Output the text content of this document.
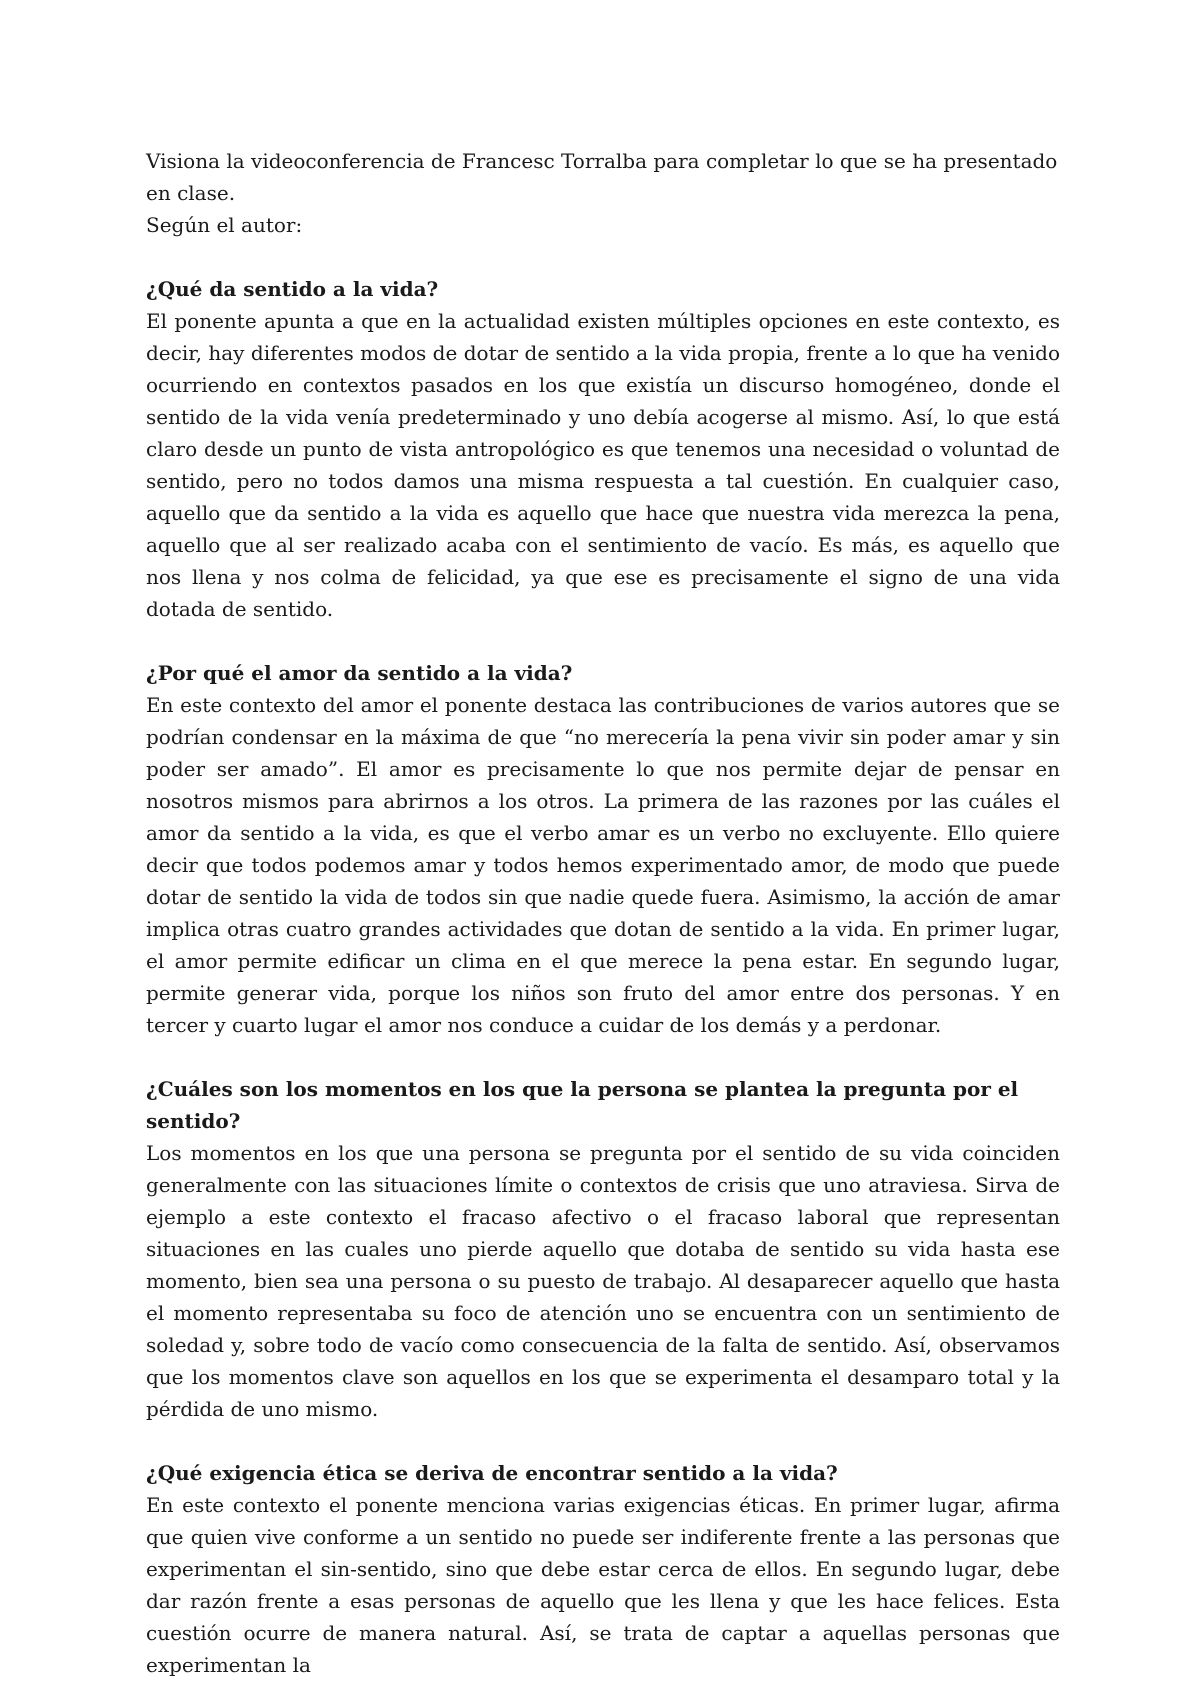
Visiona la videoconferencia de Francesc Torralba para completar lo que se ha presentado en clase.

Según el autor:

¿Qué da sentido a la vida?

El ponente apunta a que en la actualidad existen múltiples opciones en este contexto, es decir, hay diferentes modos de dotar de sentido a la vida propia, frente a lo que ha venido ocurriendo en contextos pasados en los que existía un discurso homogéneo, donde el sentido de la vida venía predeterminado y uno debía acogerse al mismo. Así, lo que está claro desde un punto de vista antropológico es que tenemos una necesidad o voluntad de sentido, pero no todos damos una misma respuesta a tal cuestión. En cualquier caso, aquello que da sentido a la vida es aquello que hace que nuestra vida merezca la pena, aquello que al ser realizado acaba con el sentimiento de vacío. Es más, es aquello que nos llena y nos colma de felicidad, ya que ese es precisamente el signo de una vida dotada de sentido.

¿Por qué el amor da sentido a la vida?

En este contexto del amor el ponente destaca las contribuciones de varios autores que se podrían condensar en la máxima de que “no merecería la pena vivir sin poder amar y sin poder ser amado”. El amor es precisamente lo que nos permite dejar de pensar en nosotros mismos para abrirnos a los otros. La primera de las razones por las cuáles el amor da sentido a la vida, es que el verbo amar es un verbo no excluyente. Ello quiere decir que todos podemos amar y todos hemos experimentado amor, de modo que puede dotar de sentido la vida de todos sin que nadie quede fuera. Asimismo, la acción de amar implica otras cuatro grandes actividades que dotan de sentido a la vida. En primer lugar, el amor permite edificar un clima en el que merece la pena estar. En segundo lugar, permite generar vida, porque los niños son fruto del amor entre dos personas. Y en tercer y cuarto lugar el amor nos conduce a cuidar de los demás y a perdonar.

¿Cuáles son los momentos en los que la persona se plantea la pregunta por el sentido?

Los momentos en los que una persona se pregunta por el sentido de su vida coinciden generalmente con las situaciones límite o contextos de crisis que uno atraviesa. Sirva de ejemplo a este contexto el fracaso afectivo o el fracaso laboral que representan situaciones en las cuales uno pierde aquello que dotaba de sentido su vida hasta ese momento, bien sea una persona o su puesto de trabajo. Al desaparecer aquello que hasta el momento representaba su foco de atención uno se encuentra con un sentimiento de soledad y, sobre todo de vacío como consecuencia de la falta de sentido. Así, observamos que los momentos clave son aquellos en los que se experimenta el desamparo total y la pérdida de uno mismo.

¿Qué exigencia ética se deriva de encontrar sentido a la vida?

En este contexto el ponente menciona varias exigencias éticas. En primer lugar, afirma que quien vive conforme a un sentido no puede ser indiferente frente a las personas que experimentan el sin-sentido, sino que debe estar cerca de ellos. En segundo lugar, debe dar razón frente a esas personas de aquello que les llena y que les hace felices. Esta cuestión ocurre de manera natural. Así, se trata de captar a aquellas personas que experimentan la
